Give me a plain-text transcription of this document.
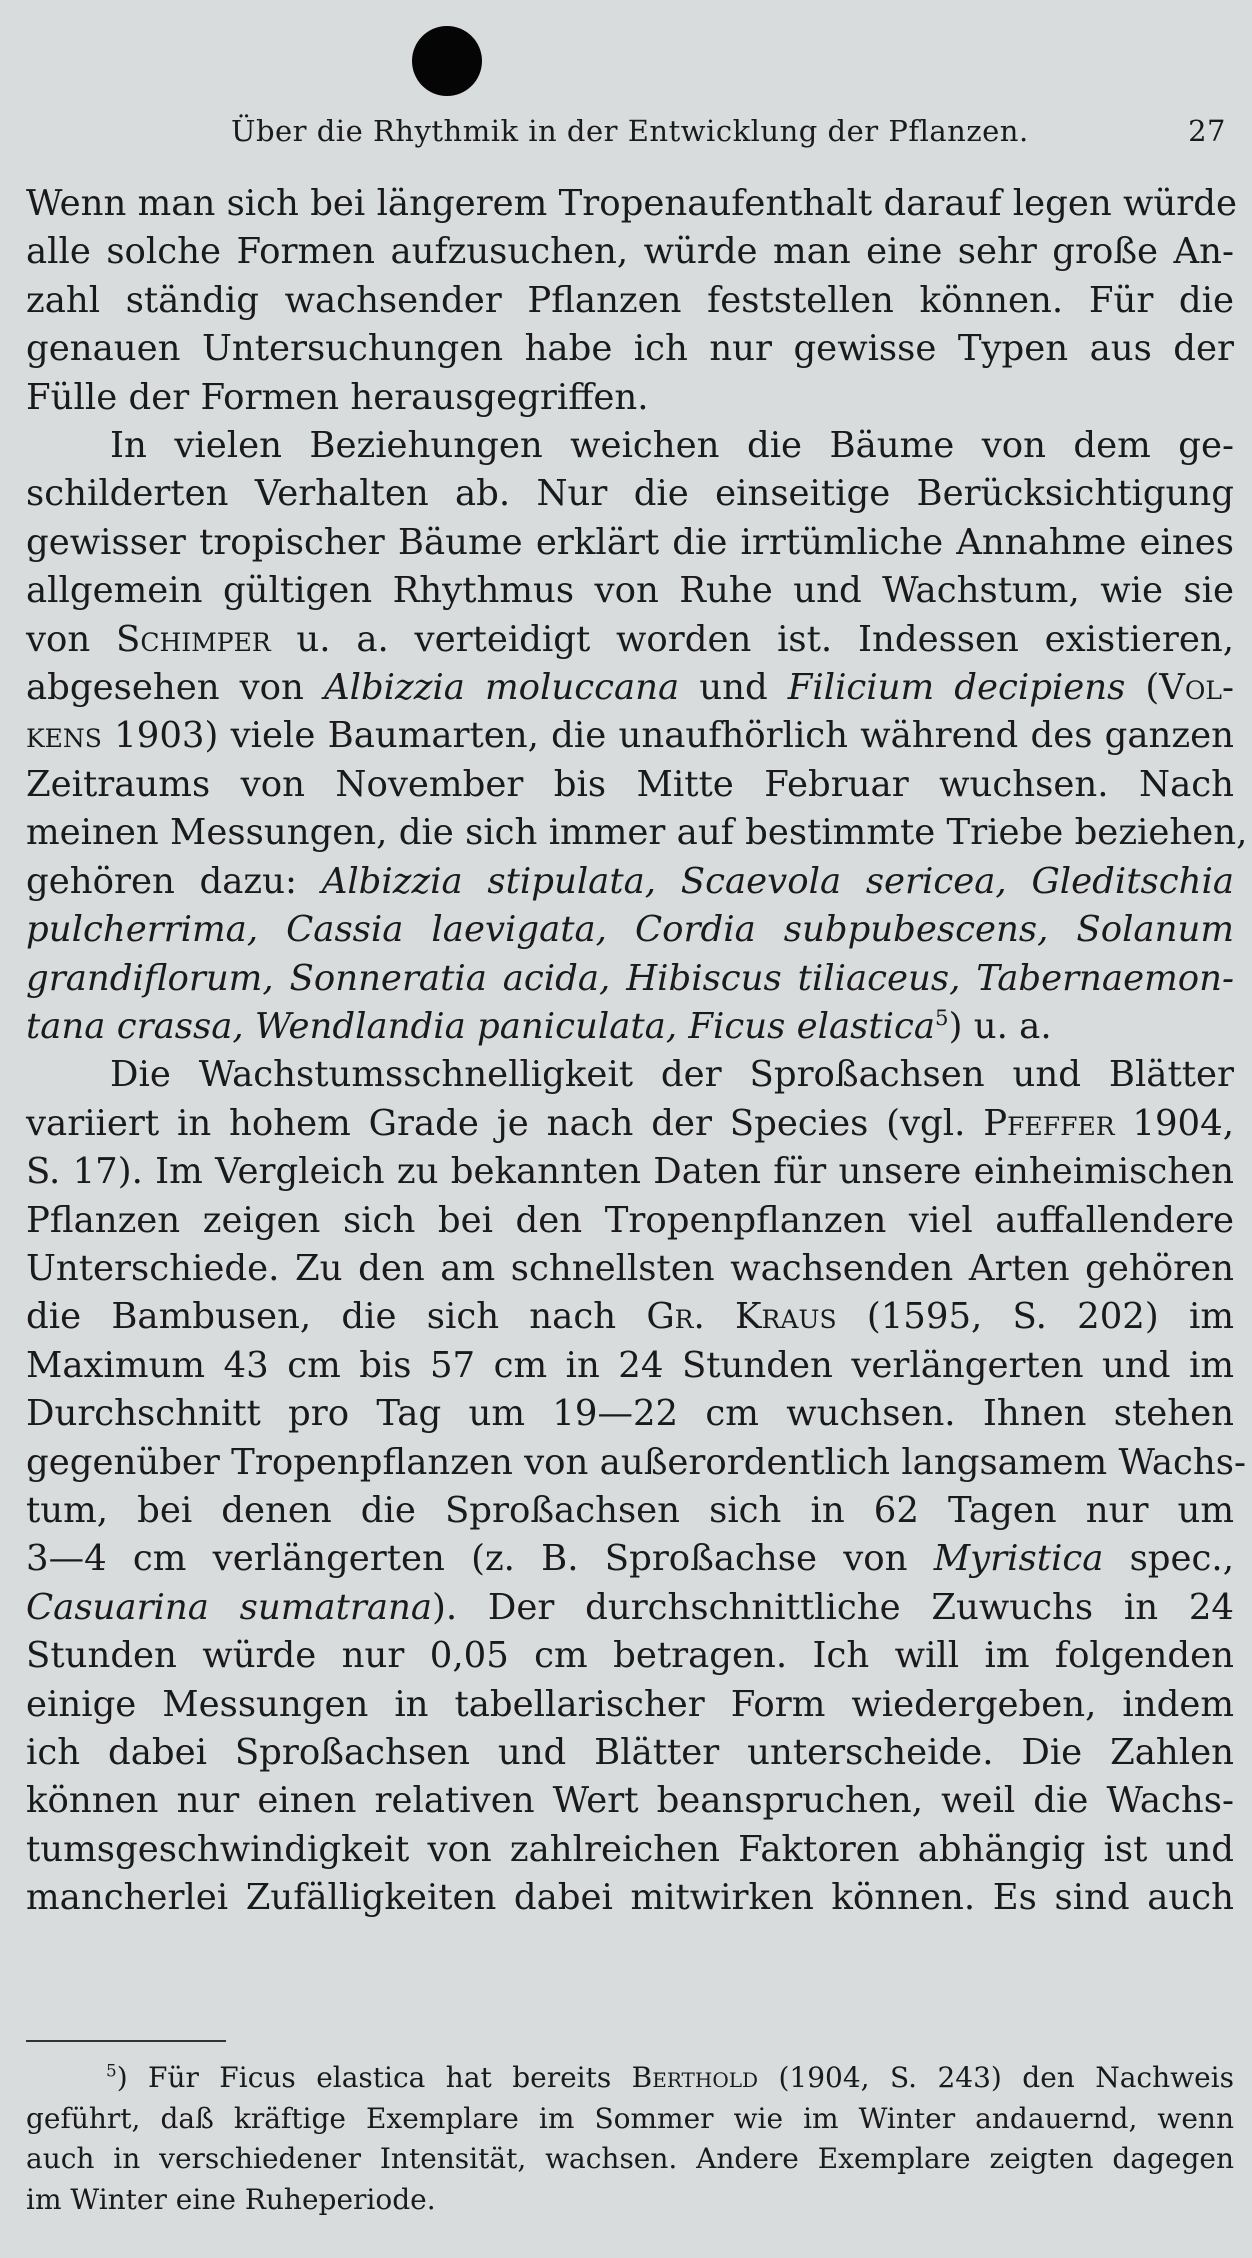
Über die Rhythmik in der Entwicklung der Pflanzen.	27
Wenn man sich bei längerem Tropenaufenthalt darauf legen würde
alle solche Formen aufzusuchen, würde man eine sehr große An-
zahl ständig wachsender Pflanzen feststellen können. Für die
genauen Untersuchungen habe ich nur gewisse Typen aus der
Fülle der Formen herausgegriffen.
In vielen Beziehungen weichen die Bäume von dem ge-
schilderten Verhalten ab. Nur die einseitige Berücksichtigung
gewisser tropischer Bäume erklärt die irrtümliche Annahme eines
allgemein gültigen Rhythmus von Ruhe und Wachstum, wie sie
von Schimper u. a. verteidigt worden ist. Indessen existieren,
abgesehen von Albizzia moluccana und Filicium decipiens (Vol-
kens 1903) viele Baumarten, die unaufhörlich während des ganzen
Zeitraums von November bis Mitte Februar wuchsen. Nach
meinen Messungen, die sich immer auf bestimmte Triebe beziehen,
gehören dazu: Albizzia stipulata, Scaevola sericea, Gleditschia
pulcherrima, Cassia laevigata, Cordia subpubescens, Solanum
grandiflorum, Sonneratia acida, Hibiscus tiliaceus, Tabernaemon-
tana crassa, Wendlandia paniculata, Ficus elastica$^5$) u. a.
Die Wachstumsschnelligkeit der Sproßachsen und Blätter
variiert in hohem Grade je nach der Species (vgl. Pfeffer 1904,
S. 17). Im Vergleich zu bekannten Daten für unsere einheimischen
Pflanzen zeigen sich bei den Tropenpflanzen viel auffallendere
Unterschiede. Zu den am schnellsten wachsenden Arten gehören
die Bambusen, die sich nach Gr. Kraus (1595, S. 202) im
Maximum 43 cm bis 57 cm in 24 Stunden verlängerten und im
Durchschnitt pro Tag um 19—22 cm wuchsen. Ihnen stehen
gegenüber Tropenpflanzen von außerordentlich langsamem Wachs-
tum, bei denen die Sproßachsen sich in 62 Tagen nur um
3—4 cm verlängerten (z. B. Sproßachse von Myristica spec.,
Casuarina sumatrana). Der durchschnittliche Zuwuchs in 24
Stunden würde nur 0,05 cm betragen. Ich will im folgenden
einige Messungen in tabellarischer Form wiedergeben, indem
ich dabei Sproßachsen und Blätter unterscheide. Die Zahlen
können nur einen relativen Wert beanspruchen, weil die Wachs-
tumsgeschwindigkeit von zahlreichen Faktoren abhängig ist und
mancherlei Zufälligkeiten dabei mitwirken können. Es sind auch
$^5$) Für Ficus elastica hat bereits Berthold (1904, S. 243) den Nachweis
geführt, daß kräftige Exemplare im Sommer wie im Winter andauernd, wenn
auch in verschiedener Intensität, wachsen. Andere Exemplare zeigten dagegen
im Winter eine Ruheperiode.
